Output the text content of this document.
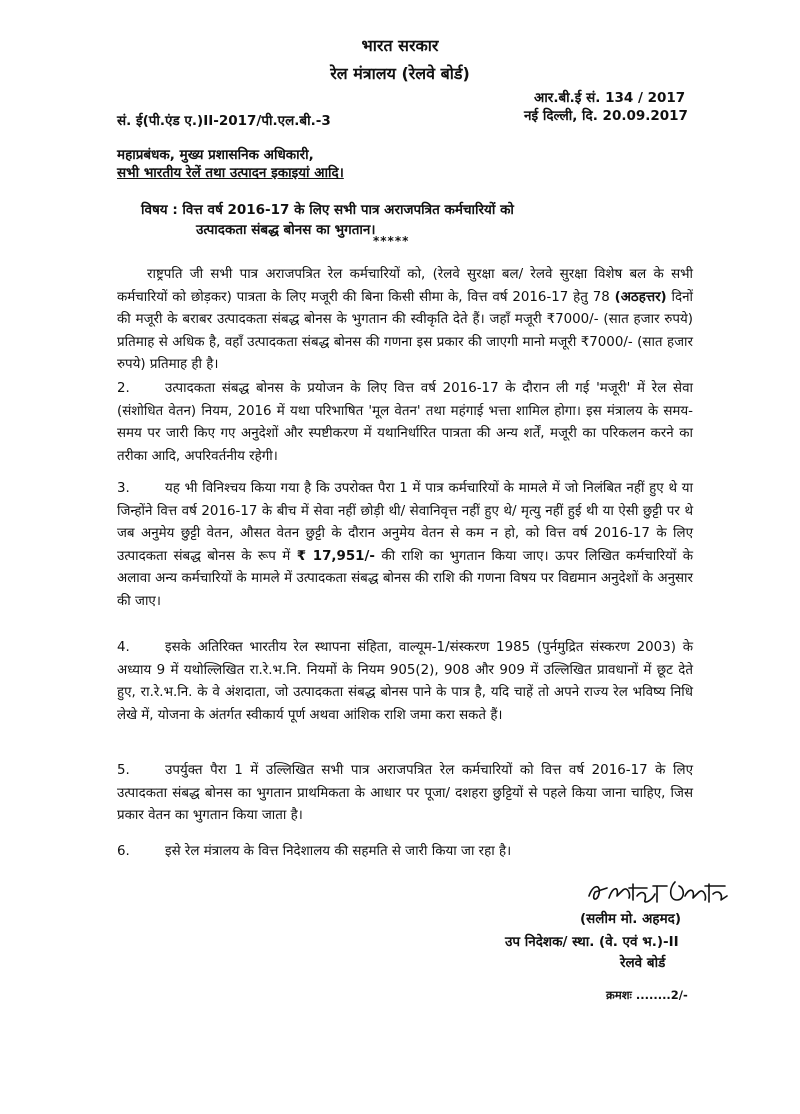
भारत सरकार
रेल मंत्रालय (रेलवे बोर्ड)
आर.बी.ई सं. 134 / 2017
सं. ई(पी.एंड ए.)II-2017/पी.एल.बी.-3	नई दिल्ली, दि. 20.09.2017
महाप्रबंधक, मुख्य प्रशासनिक अधिकारी,
सभी भारतीय रेलें तथा उत्पादन इकाइयां आदि।
विषय : वित्त वर्ष 2016-17 के लिए सभी पात्र अराजपत्रित कर्मचारियों को
उत्पादकता संबद्ध बोनस का भुगतान।
*****

राष्ट्रपति जी सभी पात्र अराजपत्रित रेल कर्मचारियों को, (रेलवे सुरक्षा बल/ रेलवे सुरक्षा विशेष बल के सभी कर्मचारियों को छोड़कर) पात्रता के लिए मजूरी की बिना किसी सीमा के, वित्त वर्ष 2016-17 हेतु 78 (अठहत्तर) दिनों की मजूरी के बराबर उत्पादकता संबद्ध बोनस के भुगतान की स्वीकृति देते हैं। जहाँ मजूरी ₹7000/- (सात हजार रुपये) प्रतिमाह से अधिक है, वहाँ उत्पादकता संबद्ध बोनस की गणना इस प्रकार की जाएगी मानो मजूरी ₹7000/- (सात हजार रुपये) प्रतिमाह ही है।

2.	उत्पादकता संबद्ध बोनस के प्रयोजन के लिए वित्त वर्ष 2016-17 के दौरान ली गई 'मजूरी' में रेल सेवा (संशोधित वेतन) नियम, 2016 में यथा परिभाषित 'मूल वेतन' तथा महंगाई भत्ता शामिल होगा। इस मंत्रालय के समय-समय पर जारी किए गए अनुदेशों और स्पष्टीकरण में यथानिर्धारित पात्रता की अन्य शर्तें, मजूरी का परिकलन करने का तरीका आदि, अपरिवर्तनीय रहेगी।

3.	यह भी विनिश्चय किया गया है कि उपरोक्त पैरा 1 में पात्र कर्मचारियों के मामले में जो निलंबित नहीं हुए थे या जिन्होंने वित्त वर्ष 2016-17 के बीच में सेवा नहीं छोड़ी थी/ सेवानिवृत्त नहीं हुए थे/ मृत्यु नहीं हुई थी या ऐसी छुट्टी पर थे जब अनुमेय छुट्टी वेतन, औसत वेतन छुट्टी के दौरान अनुमेय वेतन से कम न हो, को वित्त वर्ष 2016-17 के लिए उत्पादकता संबद्ध बोनस के रूप में ₹ 17,951/- की राशि का भुगतान किया जाए। ऊपर लिखित कर्मचारियों के अलावा अन्य कर्मचारियों के मामले में उत्पादकता संबद्ध बोनस की राशि की गणना विषय पर विद्यमान अनुदेशों के अनुसार की जाए।

4.	इसके अतिरिक्त भारतीय रेल स्थापना संहिता, वाल्यूम-1/संस्करण 1985 (पुर्नमुद्रित संस्करण 2003) के अध्याय 9 में यथोल्लिखित रा.रे.भ.नि. नियमों के नियम 905(2), 908 और 909 में उल्लिखित प्रावधानों में छूट देते हुए, रा.रे.भ.नि. के वे अंशदाता, जो उत्पादकता संबद्ध बोनस पाने के पात्र है, यदि चाहें तो अपने राज्य रेल भविष्य निधि लेखे में, योजना के अंतर्गत स्वीकार्य पूर्ण अथवा आंशिक राशि जमा करा सकते हैं।

5.	उपर्युक्त पैरा 1 में उल्लिखित सभी पात्र अराजपत्रित रेल कर्मचारियों को वित्त वर्ष 2016-17 के लिए उत्पादकता संबद्ध बोनस का भुगतान प्राथमिकता के आधार पर पूजा/ दशहरा छुट्टियों से पहले किया जाना चाहिए, जिस प्रकार वेतन का भुगतान किया जाता है।

6.	इसे रेल मंत्रालय के वित्त निदेशालय की सहमति से जारी किया जा रहा है।

(सलीम मो. अहमद)
उप निदेशक/ स्था. (वे. एवं भ.)-II
रेलवे बोर्ड
क्रमशः ........2/-
